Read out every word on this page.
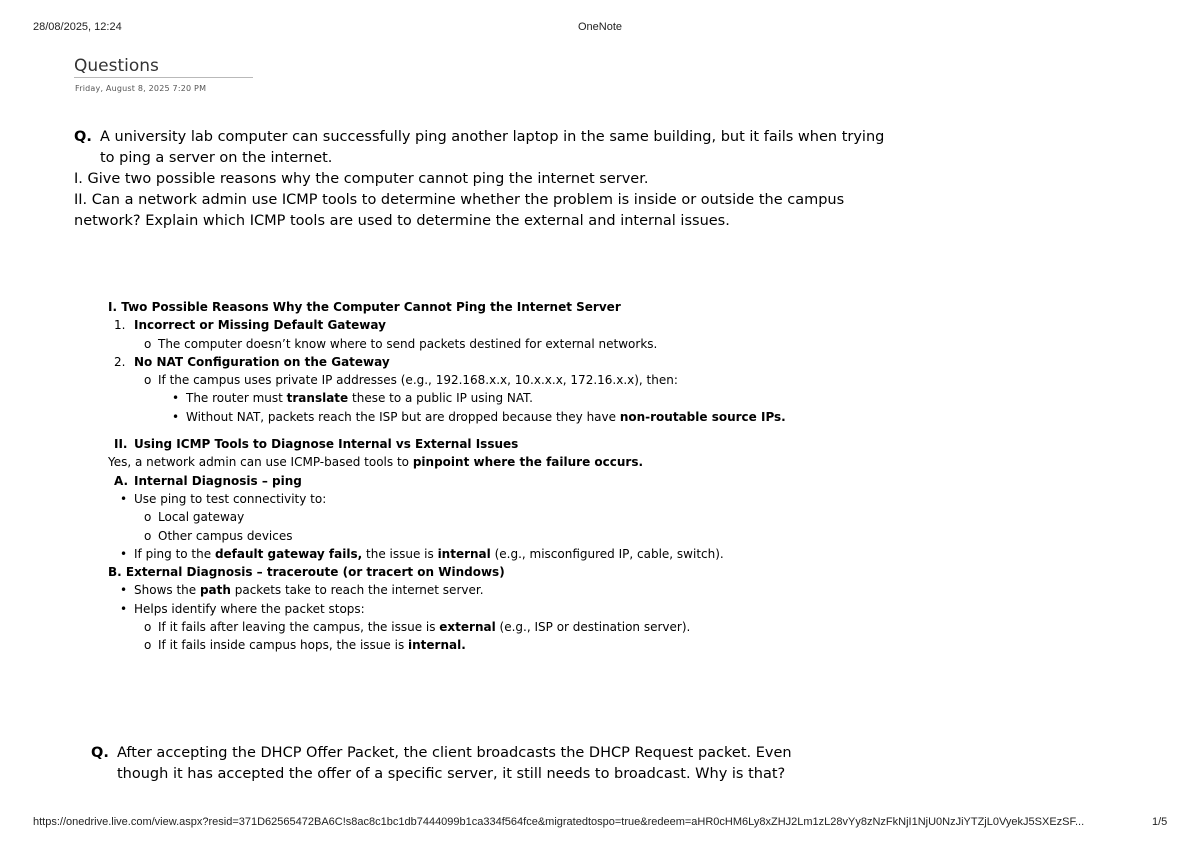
28/08/2025, 12:24	OneNote
Questions
Friday, August 8, 2025 7:20 PM
Q. A university lab computer can successfully ping another laptop in the same building, but it fails when trying
to ping a server on the internet.
I. Give two possible reasons why the computer cannot ping the internet server.
II. Can a network admin use ICMP tools to determine whether the problem is inside or outside the campus
network? Explain which ICMP tools are used to determine the external and internal issues.
I. Two Possible Reasons Why the Computer Cannot Ping the Internet Server
1. Incorrect or Missing Default Gateway
o The computer doesn’t know where to send packets destined for external networks.
2. No NAT Configuration on the Gateway
o If the campus uses private IP addresses (e.g., 192.168.x.x, 10.x.x.x, 172.16.x.x), then:
• The router must translate these to a public IP using NAT.
• Without NAT, packets reach the ISP but are dropped because they have non-routable source IPs.
II. Using ICMP Tools to Diagnose Internal vs External Issues
Yes, a network admin can use ICMP-based tools to pinpoint where the failure occurs.
A. Internal Diagnosis – ping
• Use ping to test connectivity to:
o Local gateway
o Other campus devices
• If ping to the default gateway fails, the issue is internal (e.g., misconfigured IP, cable, switch).
B. External Diagnosis – traceroute (or tracert on Windows)
• Shows the path packets take to reach the internet server.
• Helps identify where the packet stops:
o If it fails after leaving the campus, the issue is external (e.g., ISP or destination server).
o If it fails inside campus hops, the issue is internal.
Q. After accepting the DHCP Offer Packet, the client broadcasts the DHCP Request packet. Even
though it has accepted the offer of a specific server, it still needs to broadcast. Why is that?
https://onedrive.live.com/view.aspx?resid=371D62565472BA6C!s8ac8c1bc1db7444099b1ca334f564fce&migratedtospo=true&redeem=aHR0cHM6Ly8xZHJ2Lm1zL28vYy8zNzFkNjI1NjU0NzJiYTZjL0VyekJ5SXEzSF...	1/5
